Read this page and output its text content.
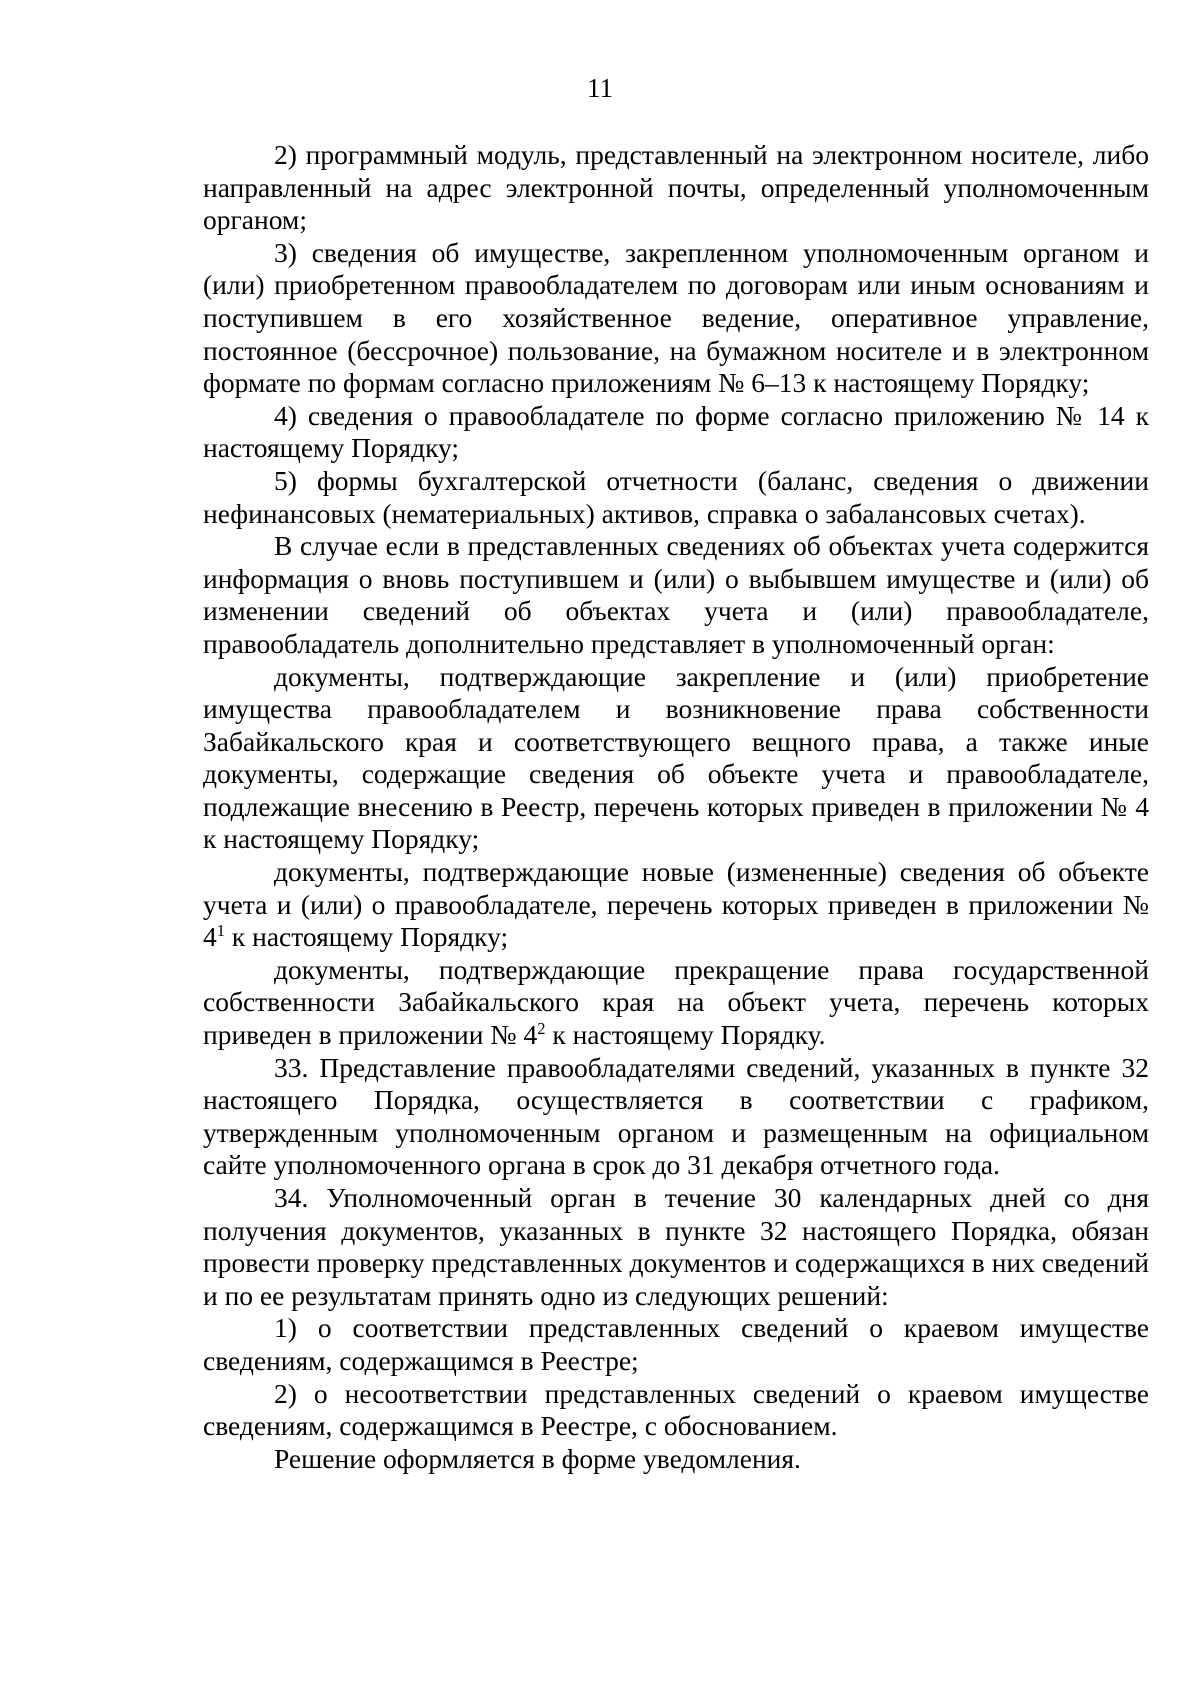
11

2) программный модуль, представленный на электронном носителе, либо направленный на адрес электронной почты, определенный уполномоченным органом;

3) сведения об имуществе, закрепленном уполномоченным органом и (или) приобретенном правообладателем по договорам или иным основаниям и поступившем в его хозяйственное ведение, оперативное управление, постоянное (бессрочное) пользование, на бумажном носителе и в электронном формате по формам согласно приложениям № 6–13 к настоящему Порядку;

4) сведения о правообладателе по форме согласно приложению № 14 к настоящему Порядку;

5) формы бухгалтерской отчетности (баланс, сведения о движении нефинансовых (нематериальных) активов, справка о забалансовых счетах).

В случае если в представленных сведениях об объектах учета содержится информация о вновь поступившем и (или) о выбывшем имуществе и (или) об изменении сведений об объектах учета и (или) правообладателе, правообладатель дополнительно представляет в уполномоченный орган:

документы, подтверждающие закрепление и (или) приобретение имущества правообладателем и возникновение права собственности Забайкальского края и соответствующего вещного права, а также иные документы, содержащие сведения об объекте учета и правообладателе, подлежащие внесению в Реестр, перечень которых приведен в приложении № 4 к настоящему Порядку;

документы, подтверждающие новые (измененные) сведения об объекте учета и (или) о правообладателе, перечень которых приведен в приложении № $4^1$ к настоящему Порядку;

документы, подтверждающие прекращение права государственной собственности Забайкальского края на объект учета, перечень которых приведен в приложении № $4^2$ к настоящему Порядку.

33. Представление правообладателями сведений, указанных в пункте 32 настоящего Порядка, осуществляется в соответствии с графиком, утвержденным уполномоченным органом и размещенным на официальном сайте уполномоченного органа в срок до 31 декабря отчетного года.

34. Уполномоченный орган в течение 30 календарных дней со дня получения документов, указанных в пункте 32 настоящего Порядка, обязан провести проверку представленных документов и содержащихся в них сведений и по ее результатам принять одно из следующих решений:

1) о соответствии представленных сведений о краевом имуществе сведениям, содержащимся в Реестре;

2) о несоответствии представленных сведений о краевом имуществе сведениям, содержащимся в Реестре, с обоснованием.

Решение оформляется в форме уведомления.
